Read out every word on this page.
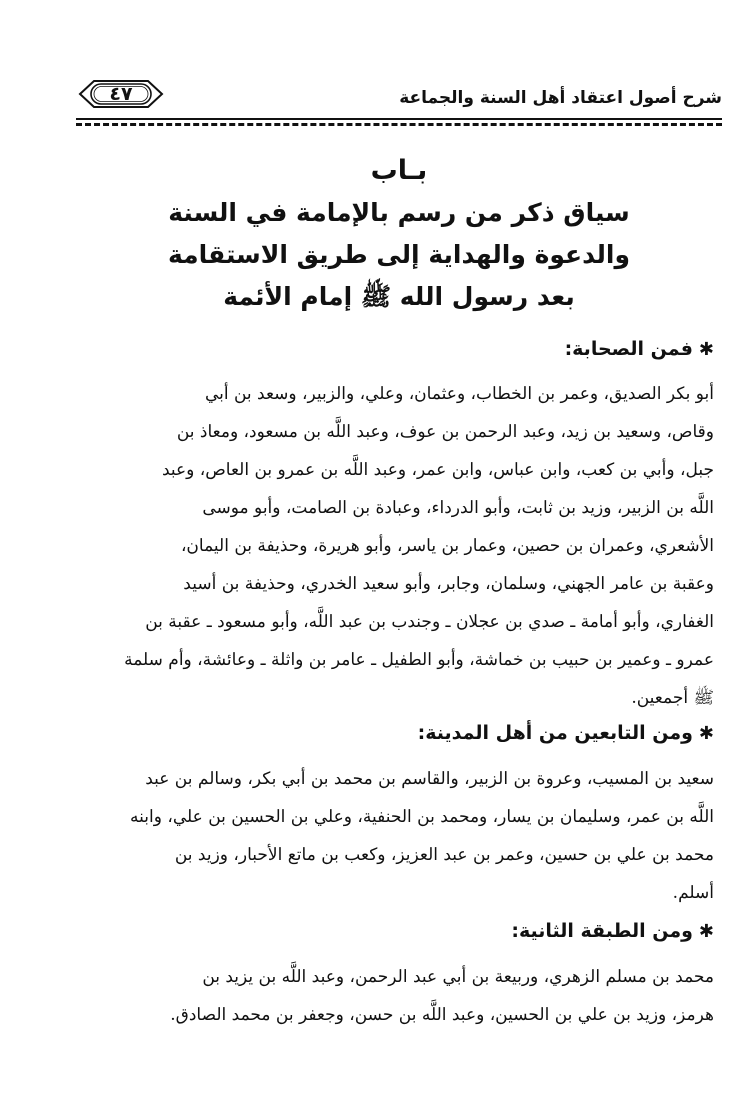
شرح أصول اعتقاد أهل السنة والجماعة
٤٧
بـاب
سياق ذكر من رسم بالإمامة في السنة
والدعوة والهداية إلى طريق الاستقامة
بعد رسول الله ﷺ إمام الأئمة
✱فمن الصحابة:
أبو بكر الصديق، وعمر بن الخطاب، وعثمان، وعلي، والزبير، وسعد بن أبي
وقاص، وسعيد بن زيد، وعبد الرحمن بن عوف، وعبد اللَّه بن مسعود، ومعاذ بن
جبل، وأبي بن كعب، وابن عباس، وابن عمر، وعبد اللَّه بن عمرو بن العاص، وعبد
اللَّه بن الزبير، وزيد بن ثابت، وأبو الدرداء، وعبادة بن الصامت، وأبو موسى
الأشعري، وعمران بن حصين، وعمار بن ياسر، وأبو هريرة، وحذيفة بن اليمان،
وعقبة بن عامر الجهني، وسلمان، وجابر، وأبو سعيد الخدري، وحذيفة بن أسيد
الغفاري، وأبو أمامة ـ صدي بن عجلان ـ وجندب بن عبد اللَّه، وأبو مسعود ـ عقبة بن
عمرو ـ وعمير بن حبيب بن خماشة، وأبو الطفيل ـ عامر بن واثلة ـ وعائشة، وأم سلمة
ﷺ أجمعين.
✱ومن التابعين من أهل المدينة:
سعيد بن المسيب، وعروة بن الزبير، والقاسم بن محمد بن أبي بكر، وسالم بن عبد
اللَّه بن عمر، وسليمان بن يسار، ومحمد بن الحنفية، وعلي بن الحسين بن علي، وابنه
محمد بن علي بن حسين، وعمر بن عبد العزيز، وكعب بن ماتع الأحبار، وزيد بن
أسلم.
✱ومن الطبقة الثانية:
محمد بن مسلم الزهري، وربيعة بن أبي عبد الرحمن، وعبد اللَّه بن يزيد بن
هرمز، وزيد بن علي بن الحسين، وعبد اللَّه بن حسن، وجعفر بن محمد الصادق.
